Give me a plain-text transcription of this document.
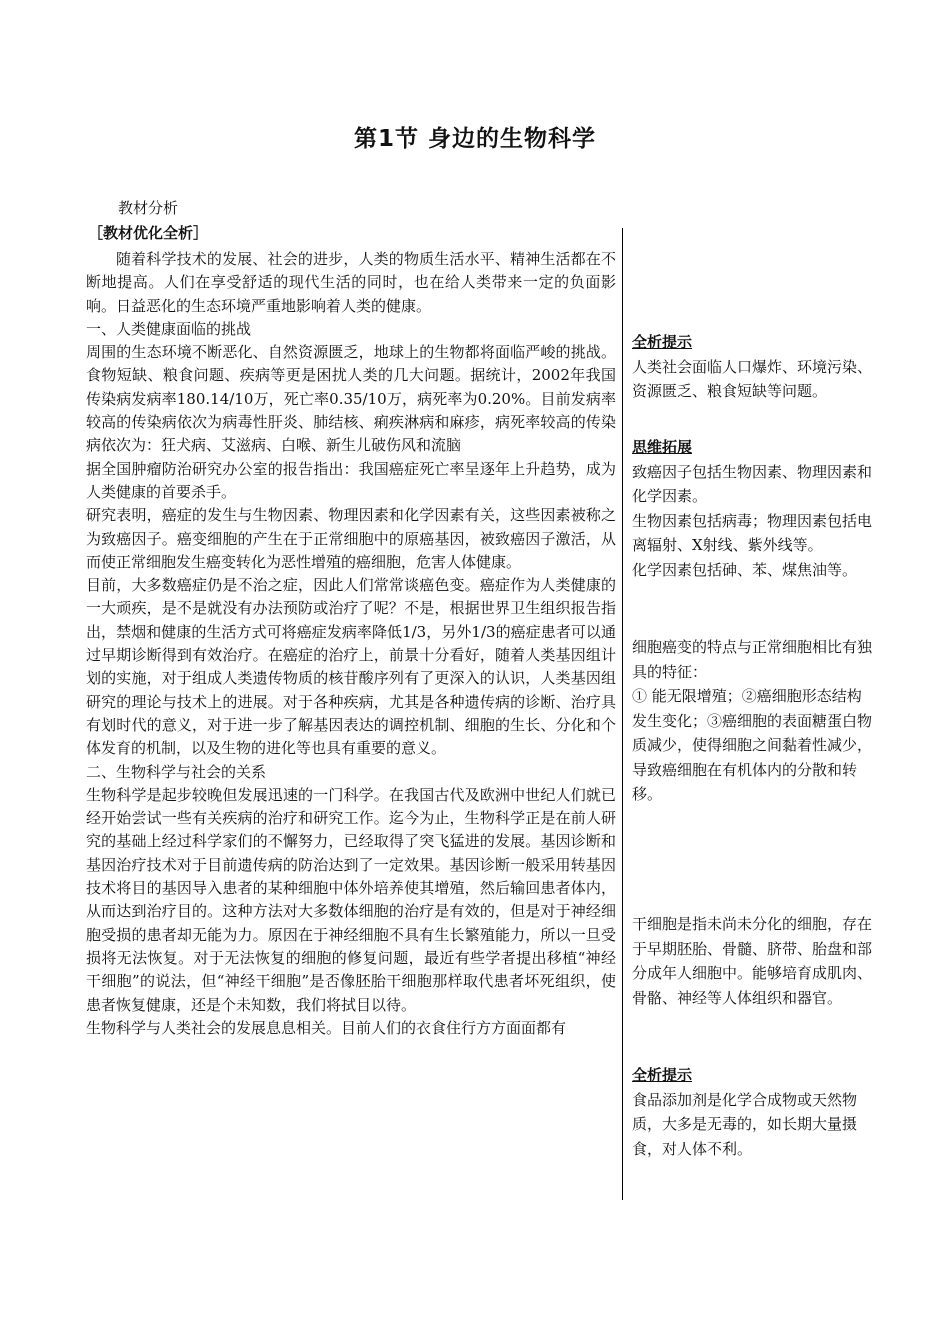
第1节 身边的生物科学
教材分析
［教材优化全析］

随着科学技术的发展、社会的进步，人类的物质生活水平、精神生活都在不断地提高。人们在享受舒适的现代生活的同时，也在给人类带来一定的负面影响。日益恶化的生态环境严重地影响着人类的健康。

一、人类健康面临的挑战

周围的生态环境不断恶化、自然资源匮乏，地球上的生物都将面临严峻的挑战。食物短缺、粮食问题、疾病等更是困扰人类的几大问题。据统计，2002年我国传染病发病率180.14/10万，死亡率0.35/10万，病死率为0.20%。目前发病率较高的传染病依次为病毒性肝炎、肺结核、痢疾淋病和麻疹，病死率较高的传染病依次为：狂犬病、艾滋病、白喉、新生儿破伤风和流脑

据全国肿瘤防治研究办公室的报告指出：我国癌症死亡率呈逐年上升趋势，成为人类健康的首要杀手。

研究表明，癌症的发生与生物因素、物理因素和化学因素有关，这些因素被称之为致癌因子。癌变细胞的产生在于正常细胞中的原癌基因，被致癌因子激活，从而使正常细胞发生癌变转化为恶性增殖的癌细胞，危害人体健康。

目前，大多数癌症仍是不治之症，因此人们常常谈癌色变。癌症作为人类健康的一大顽疾，是不是就没有办法预防或治疗了呢？不是，根据世界卫生组织报告指出，禁烟和健康的生活方式可将癌症发病率降低1/3，另外1/3的癌症患者可以通过早期诊断得到有效治疗。在癌症的治疗上，前景十分看好，随着人类基因组计划的实施，对于组成人类遗传物质的核苷酸序列有了更深入的认识，人类基因组研究的理论与技术上的进展。对于各种疾病，尤其是各种遗传病的诊断、治疗具有划时代的意义，对于进一步了解基因表达的调控机制、细胞的生长、分化和个体发育的机制，以及生物的进化等也具有重要的意义。

二、生物科学与社会的关系

生物科学是起步较晚但发展迅速的一门科学。在我国古代及欧洲中世纪人们就已经开始尝试一些有关疾病的治疗和研究工作。迄今为止，生物科学正是在前人研究的基础上经过科学家们的不懈努力，已经取得了突飞猛进的发展。基因诊断和基因治疗技术对于目前遗传病的防治达到了一定效果。基因诊断一般采用转基因技术将目的基因导入患者的某种细胞中体外培养使其增殖，然后输回患者体内，从而达到治疗目的。这种方法对大多数体细胞的治疗是有效的，但是对于神经细胞受损的患者却无能为力。原因在于神经细胞不具有生长繁殖能力，所以一旦受损将无法恢复。对于无法恢复的细胞的修复问题，最近有些学者提出移植“神经干细胞”的说法，但“神经干细胞”是否像胚胎干细胞那样取代患者坏死组织，使患者恢复健康，还是个未知数，我们将拭目以待。

生物科学与人类社会的发展息息相关。目前人们的衣食住行方方面面都有

全析提示

人类社会面临人口爆炸、环境污染、资源匮乏、粮食短缺等问题。

思维拓展

致癌因子包括生物因素、物理因素和化学因素。

生物因素包括病毒；物理因素包括电离辐射、X射线、紫外线等。

化学因素包括砷、苯、煤焦油等。

细胞癌变的特点与正常细胞相比有独具的特征：

① 能无限增殖；②癌细胞形态结构发生变化；③癌细胞的表面糖蛋白物质减少，使得细胞之间黏着性减少，导致癌细胞在有机体内的分散和转移。

干细胞是指未尚未分化的细胞，存在于早期胚胎、骨髓、脐带、胎盘和部分成年人细胞中。能够培育成肌肉、骨骼、神经等人体组织和器官。

全析提示

食品添加剂是化学合成物或天然物质，大多是无毒的，如长期大量摄食，对人体不利。
